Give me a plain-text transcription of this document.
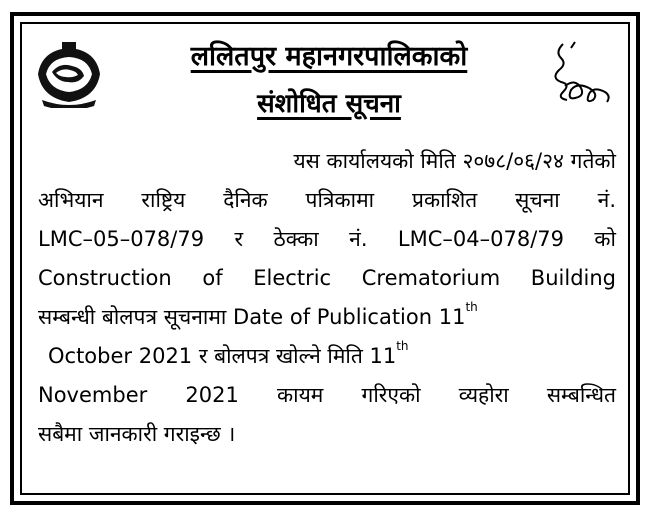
ललितपुर महानगरपालिकाको
संशोधित सूचना
यस कार्यालयको मिति २०७८/०६/२४ गतेको
अभियान राष्ट्रिय दैनिक पत्रिकामा प्रकाशित सूचना नं.
LMC–05–078/79 र ठेक्का नं. LMC–04–078/79 को
Construction of Electric Crematorium Building
सम्बन्धी बोलपत्र सूचनामा Date of Publication 11th
October 2021 र बोलपत्र खोल्ने मिति 11th
November 2021 कायम गरिएको व्यहोरा सम्बन्धित
सबैमा जानकारी गराइन्छ ।
